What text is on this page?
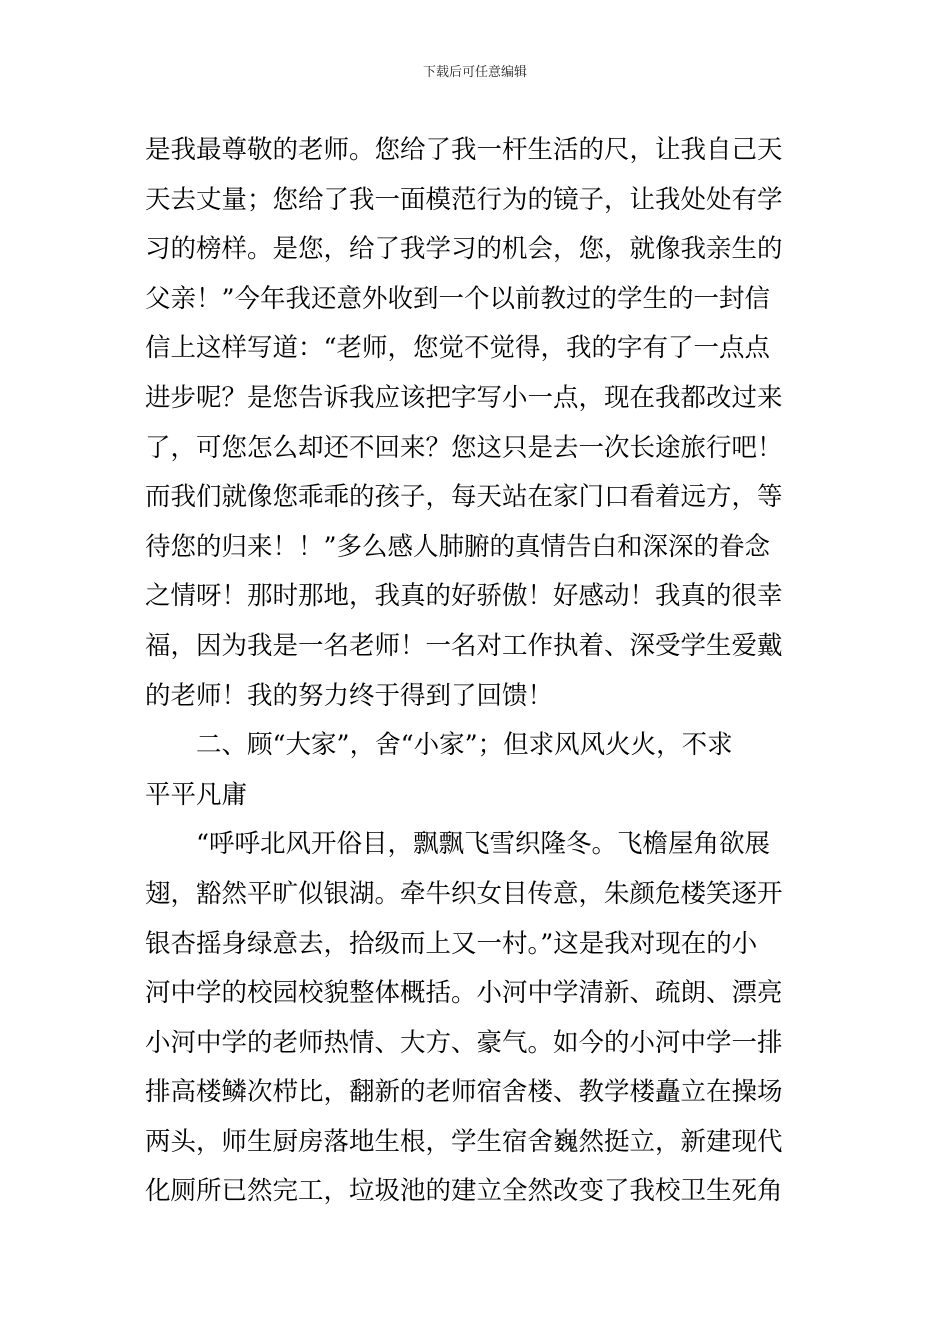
下载后可任意编辑
是我最尊敬的老师。您给了我一杆生活的尺，让我自己天
天去丈量；您给了我一面模范行为的镜子，让我处处有学
习的榜样。是您，给了我学习的机会，您，就像我亲生的
父亲！”今年我还意外收到一个以前教过的学生的一封信
信上这样写道：“老师，您觉不觉得，我的字有了一点点
进步呢？是您告诉我应该把字写小一点，现在我都改过来
了，可您怎么却还不回来？您这只是去一次长途旅行吧！
而我们就像您乖乖的孩子，每天站在家门口看着远方，等
待您的归来！！”多么感人肺腑的真情告白和深深的眷念
之情呀！那时那地，我真的好骄傲！好感动！我真的很幸
福，因为我是一名老师！一名对工作执着、深受学生爱戴
的老师！我的努力终于得到了回馈！
二、顾“大家”，舍“小家”；但求风风火火，不求
平平凡庸
“呼呼北风开俗目，飘飘飞雪织隆冬。飞檐屋角欲展
翅，豁然平旷似银湖。牵牛织女目传意，朱颜危楼笑逐开
银杏摇身绿意去，拾级而上又一村。”这是我对现在的小
河中学的校园校貌整体概括。小河中学清新、疏朗、漂亮
小河中学的老师热情、大方、豪气。如今的小河中学一排
排高楼鳞次栉比，翻新的老师宿舍楼、教学楼矗立在操场
两头，师生厨房落地生根，学生宿舍巍然挺立，新建现代
化厕所已然完工，垃圾池的建立全然改变了我校卫生死角
